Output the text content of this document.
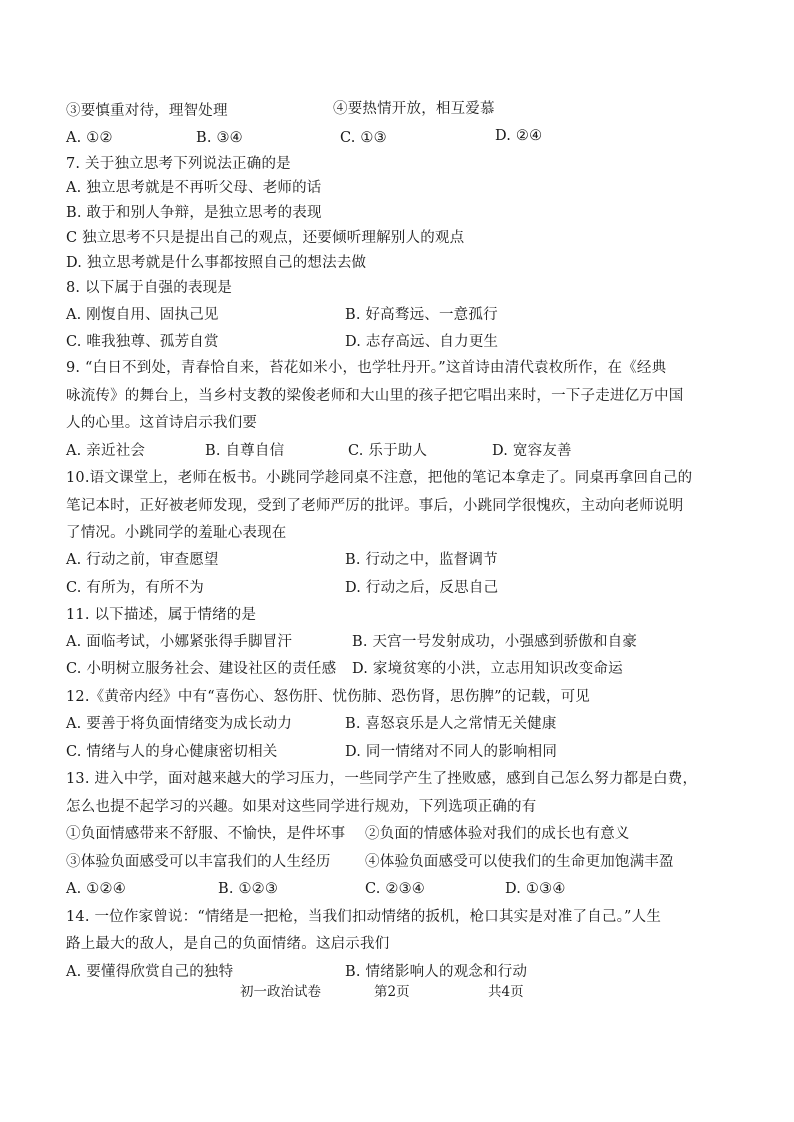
③要慎重对待，理智处理	④要热情开放，相互爱慕
A. ①②	B. ③④	C. ①③	D. ②④
7. 关于独立思考下列说法正确的是
A. 独立思考就是不再听父母、老师的话
B. 敢于和别人争辩，是独立思考的表现
C 独立思考不只是提出自己的观点，还要倾听理解别人的观点
D. 独立思考就是什么事都按照自己的想法去做
8. 以下属于自强的表现是
A. 刚愎自用、固执己见	B. 好高骛远、一意孤行
C. 唯我独尊、孤芳自赏	D. 志存高远、自力更生
9. “白日不到处，青春恰自来，苔花如米小，也学牡丹开。”这首诗由清代袁枚所作，在《经典
咏流传》的舞台上，当乡村支教的梁俊老师和大山里的孩子把它唱出来时，一下子走进亿万中国
人的心里。这首诗启示我们要
A. 亲近社会	B. 自尊自信	C. 乐于助人	D. 宽容友善
10.语文课堂上，老师在板书。小跳同学趁同桌不注意，把他的笔记本拿走了。同桌再拿回自己的
笔记本时，正好被老师发现，受到了老师严厉的批评。事后，小跳同学很愧疚，主动向老师说明
了情况。小跳同学的羞耻心表现在
A. 行动之前，审查愿望	B. 行动之中，监督调节
C. 有所为，有所不为	D. 行动之后，反思自己
11. 以下描述，属于情绪的是
A. 面临考试，小娜紧张得手脚冒汗	B. 天宫一号发射成功，小强感到骄傲和自豪
C. 小明树立服务社会、建设社区的责任感 D. 家境贫寒的小洪，立志用知识改变命运
12.《黄帝内经》中有“喜伤心、怒伤肝、忧伤肺、恐伤肾，思伤脾”的记载，可见
A. 要善于将负面情绪变为成长动力	B. 喜怒哀乐是人之常情无关健康
C. 情绪与人的身心健康密切相关	D. 同一情绪对不同人的影响相同
13. 进入中学，面对越来越大的学习压力，一些同学产生了挫败感，感到自己怎么努力都是白费，
怎么也提不起学习的兴趣。如果对这些同学进行规劝，下列选项正确的有
①负面情感带来不舒服、不愉快，是件坏事 ②负面的情感体验对我们的成长也有意义
③体验负面感受可以丰富我们的人生经历 ④体验负面感受可以使我们的生命更加饱满丰盈
A. ①②④	B. ①②③	C. ②③④	D. ①③④
14. 一位作家曾说：“情绪是一把枪，当我们扣动情绪的扳机，枪口其实是对准了自己。”人生
路上最大的敌人，是自己的负面情绪。这启示我们
A. 要懂得欣赏自己的独特	B. 情绪影响人的观念和行动
初一政治试卷	第2页	共4页
